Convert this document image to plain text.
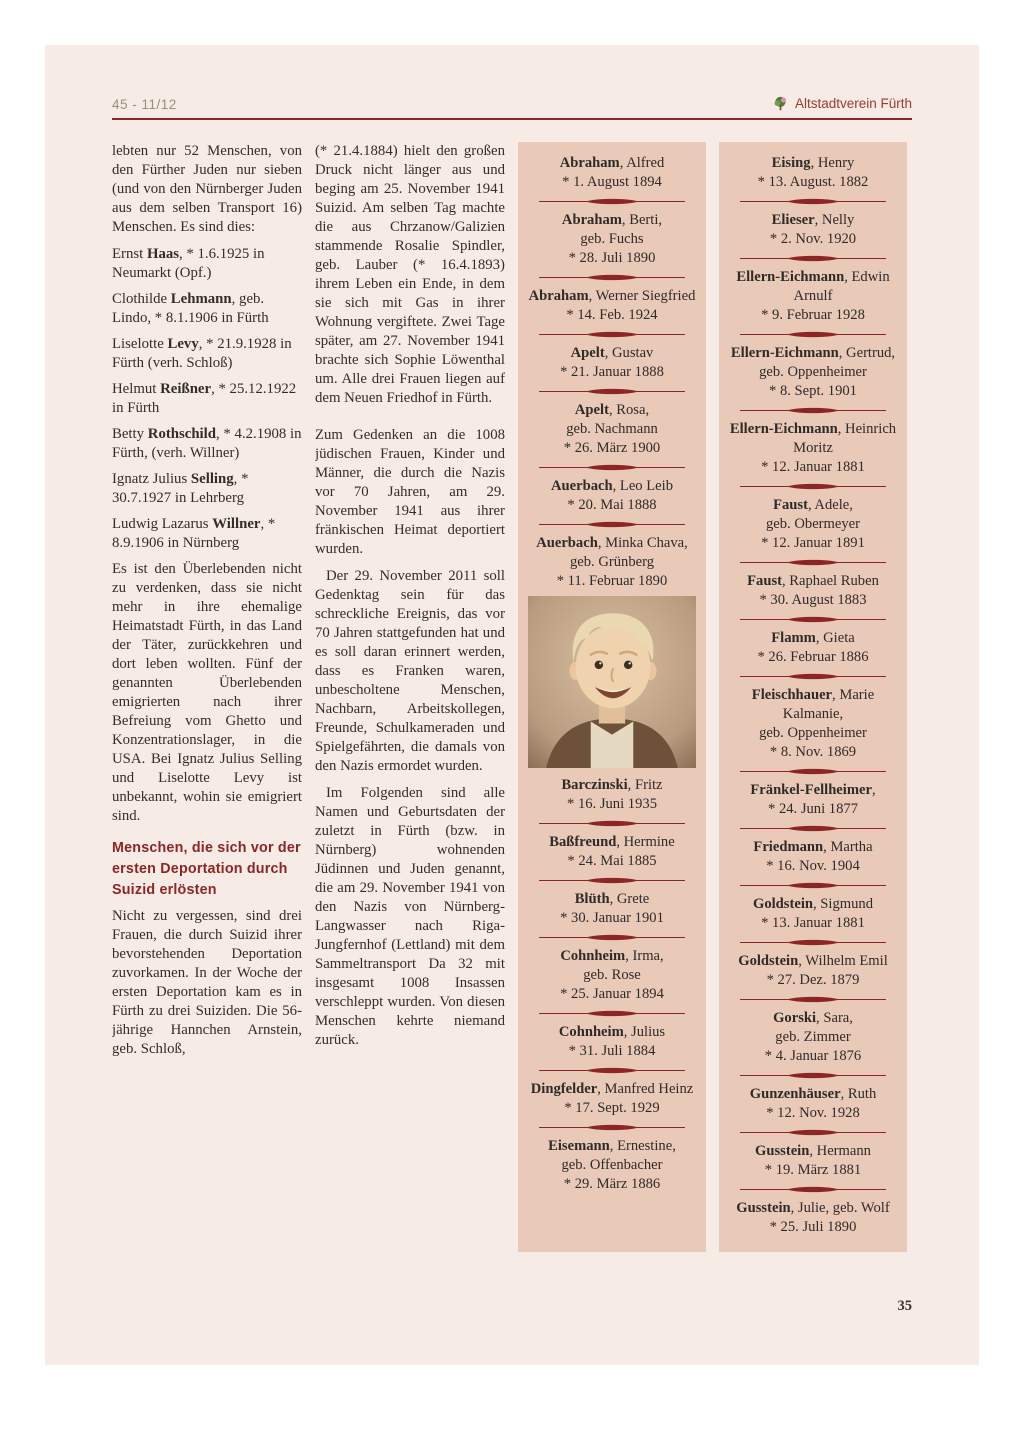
45 - 11/12	Altstadtverein Fürth

lebten nur 52 Menschen, von den Fürther Juden nur sieben (und von den Nürnberger Juden aus dem selben Transport 16) Menschen. Es sind dies:

Ernst Haas, * 1.6.1925 in Neumarkt (Opf.)

Clothilde Lehmann, geb. Lindo, * 8.1.1906 in Fürth

Liselotte Levy, * 21.9.1928 in Fürth (verh. Schloß)

Helmut Reißner, * 25.12.1922 in Fürth

Betty Rothschild, * 4.2.1908 in Fürth, (verh. Willner)

Ignatz Julius Selling, * 30.7.1927 in Lehrberg

Ludwig Lazarus Willner, * 8.9.1906 in Nürnberg

Es ist den Überlebenden nicht zu verdenken, dass sie nicht mehr in ihre ehemalige Heimatstadt Fürth, in das Land der Täter, zurückkehren und dort leben wollten. Fünf der genannten Überlebenden emigrierten nach ihrer Befreiung vom Ghetto und Konzentrationslager, in die USA. Bei Ignatz Julius Selling und Liselotte Levy ist unbekannt, wohin sie emigriert sind.

Menschen, die sich vor der ersten Deportation durch Suizid erlösten

Nicht zu vergessen, sind drei Frauen, die durch Suizid ihrer bevorstehenden Deportation zuvorkamen. In der Woche der ersten Deportation kam es in Fürth zu drei Suiziden. Die 56-jährige Hannchen Arnstein, geb. Schloß,

(* 21.4.1884) hielt den großen Druck nicht länger aus und beging am 25. November 1941 Suizid. Am selben Tag machte die aus Chrzanow/Galizien stammende Rosalie Spindler, geb. Lauber (* 16.4.1893) ihrem Leben ein Ende, in dem sie sich mit Gas in ihrer Wohnung vergiftete. Zwei Tage später, am 27. November 1941 brachte sich Sophie Löwenthal um. Alle drei Frauen liegen auf dem Neuen Friedhof in Fürth.

Zum Gedenken an die 1008 jüdischen Frauen, Kinder und Männer, die durch die Nazis vor 70 Jahren, am 29. November 1941 aus ihrer fränkischen Heimat deportiert wurden.

Der 29. November 2011 soll Gedenktag sein für das schreckliche Ereignis, das vor 70 Jahren stattgefunden hat und es soll daran erinnert werden, dass es Franken waren, unbescholtene Menschen, Nachbarn, Arbeitskollegen, Freunde, Schulkameraden und Spielgefährten, die damals von den Nazis ermordet wurden.

Im Folgenden sind alle Namen und Geburtsdaten der zuletzt in Fürth (bzw. in Nürnberg) wohnenden Jüdinnen und Juden genannt, die am 29. November 1941 von den Nazis von Nürnberg-Langwasser nach Riga-Jungfernhof (Lettland) mit dem Sammeltransport Da 32 mit insgesamt 1008 Insassen verschleppt wurden. Von diesen Menschen kehrte niemand zurück.

Abraham, Alfred
* 1. August 1894
Abraham, Berti,
geb. Fuchs
* 28. Juli 1890
Abraham, Werner Siegfried
* 14. Feb. 1924
Apelt, Gustav
* 21. Januar 1888
Apelt, Rosa,
geb. Nachmann
* 26. März 1900
Auerbach, Leo Leib
* 20. Mai 1888
Auerbach, Minka Chava,
geb. Grünberg
* 11. Februar 1890
Barczinski, Fritz
* 16. Juni 1935
Baßfreund, Hermine
* 24. Mai 1885
Blüth, Grete
* 30. Januar 1901
Cohnheim, Irma,
geb. Rose
* 25. Januar 1894
Cohnheim, Julius
* 31. Juli 1884
Dingfelder, Manfred Heinz
* 17. Sept. 1929
Eisemann, Ernestine,
geb. Offenbacher
* 29. März 1886
Eising, Henry
* 13. August. 1882
Elieser, Nelly
* 2. Nov. 1920
Ellern-Eichmann, Edwin Arnulf
* 9. Februar 1928
Ellern-Eichmann, Gertrud, geb. Oppenheimer
* 8. Sept. 1901
Ellern-Eichmann, Heinrich Moritz
* 12. Januar 1881
Faust, Adele,
geb. Obermeyer
* 12. Januar 1891
Faust, Raphael Ruben
* 30. August 1883
Flamm, Gieta
* 26. Februar 1886
Fleischhauer, Marie Kalmanie,
geb. Oppenheimer
* 8. Nov. 1869
Fränkel-Fellheimer,
* 24. Juni 1877
Friedmann, Martha
* 16. Nov. 1904
Goldstein, Sigmund
* 13. Januar 1881
Goldstein, Wilhelm Emil
* 27. Dez. 1879
Gorski, Sara,
geb. Zimmer
* 4. Januar 1876
Gunzenhäuser, Ruth
* 12. Nov. 1928
Gusstein, Hermann
* 19. März 1881
Gusstein, Julie, geb. Wolf
* 25. Juli 1890
35
